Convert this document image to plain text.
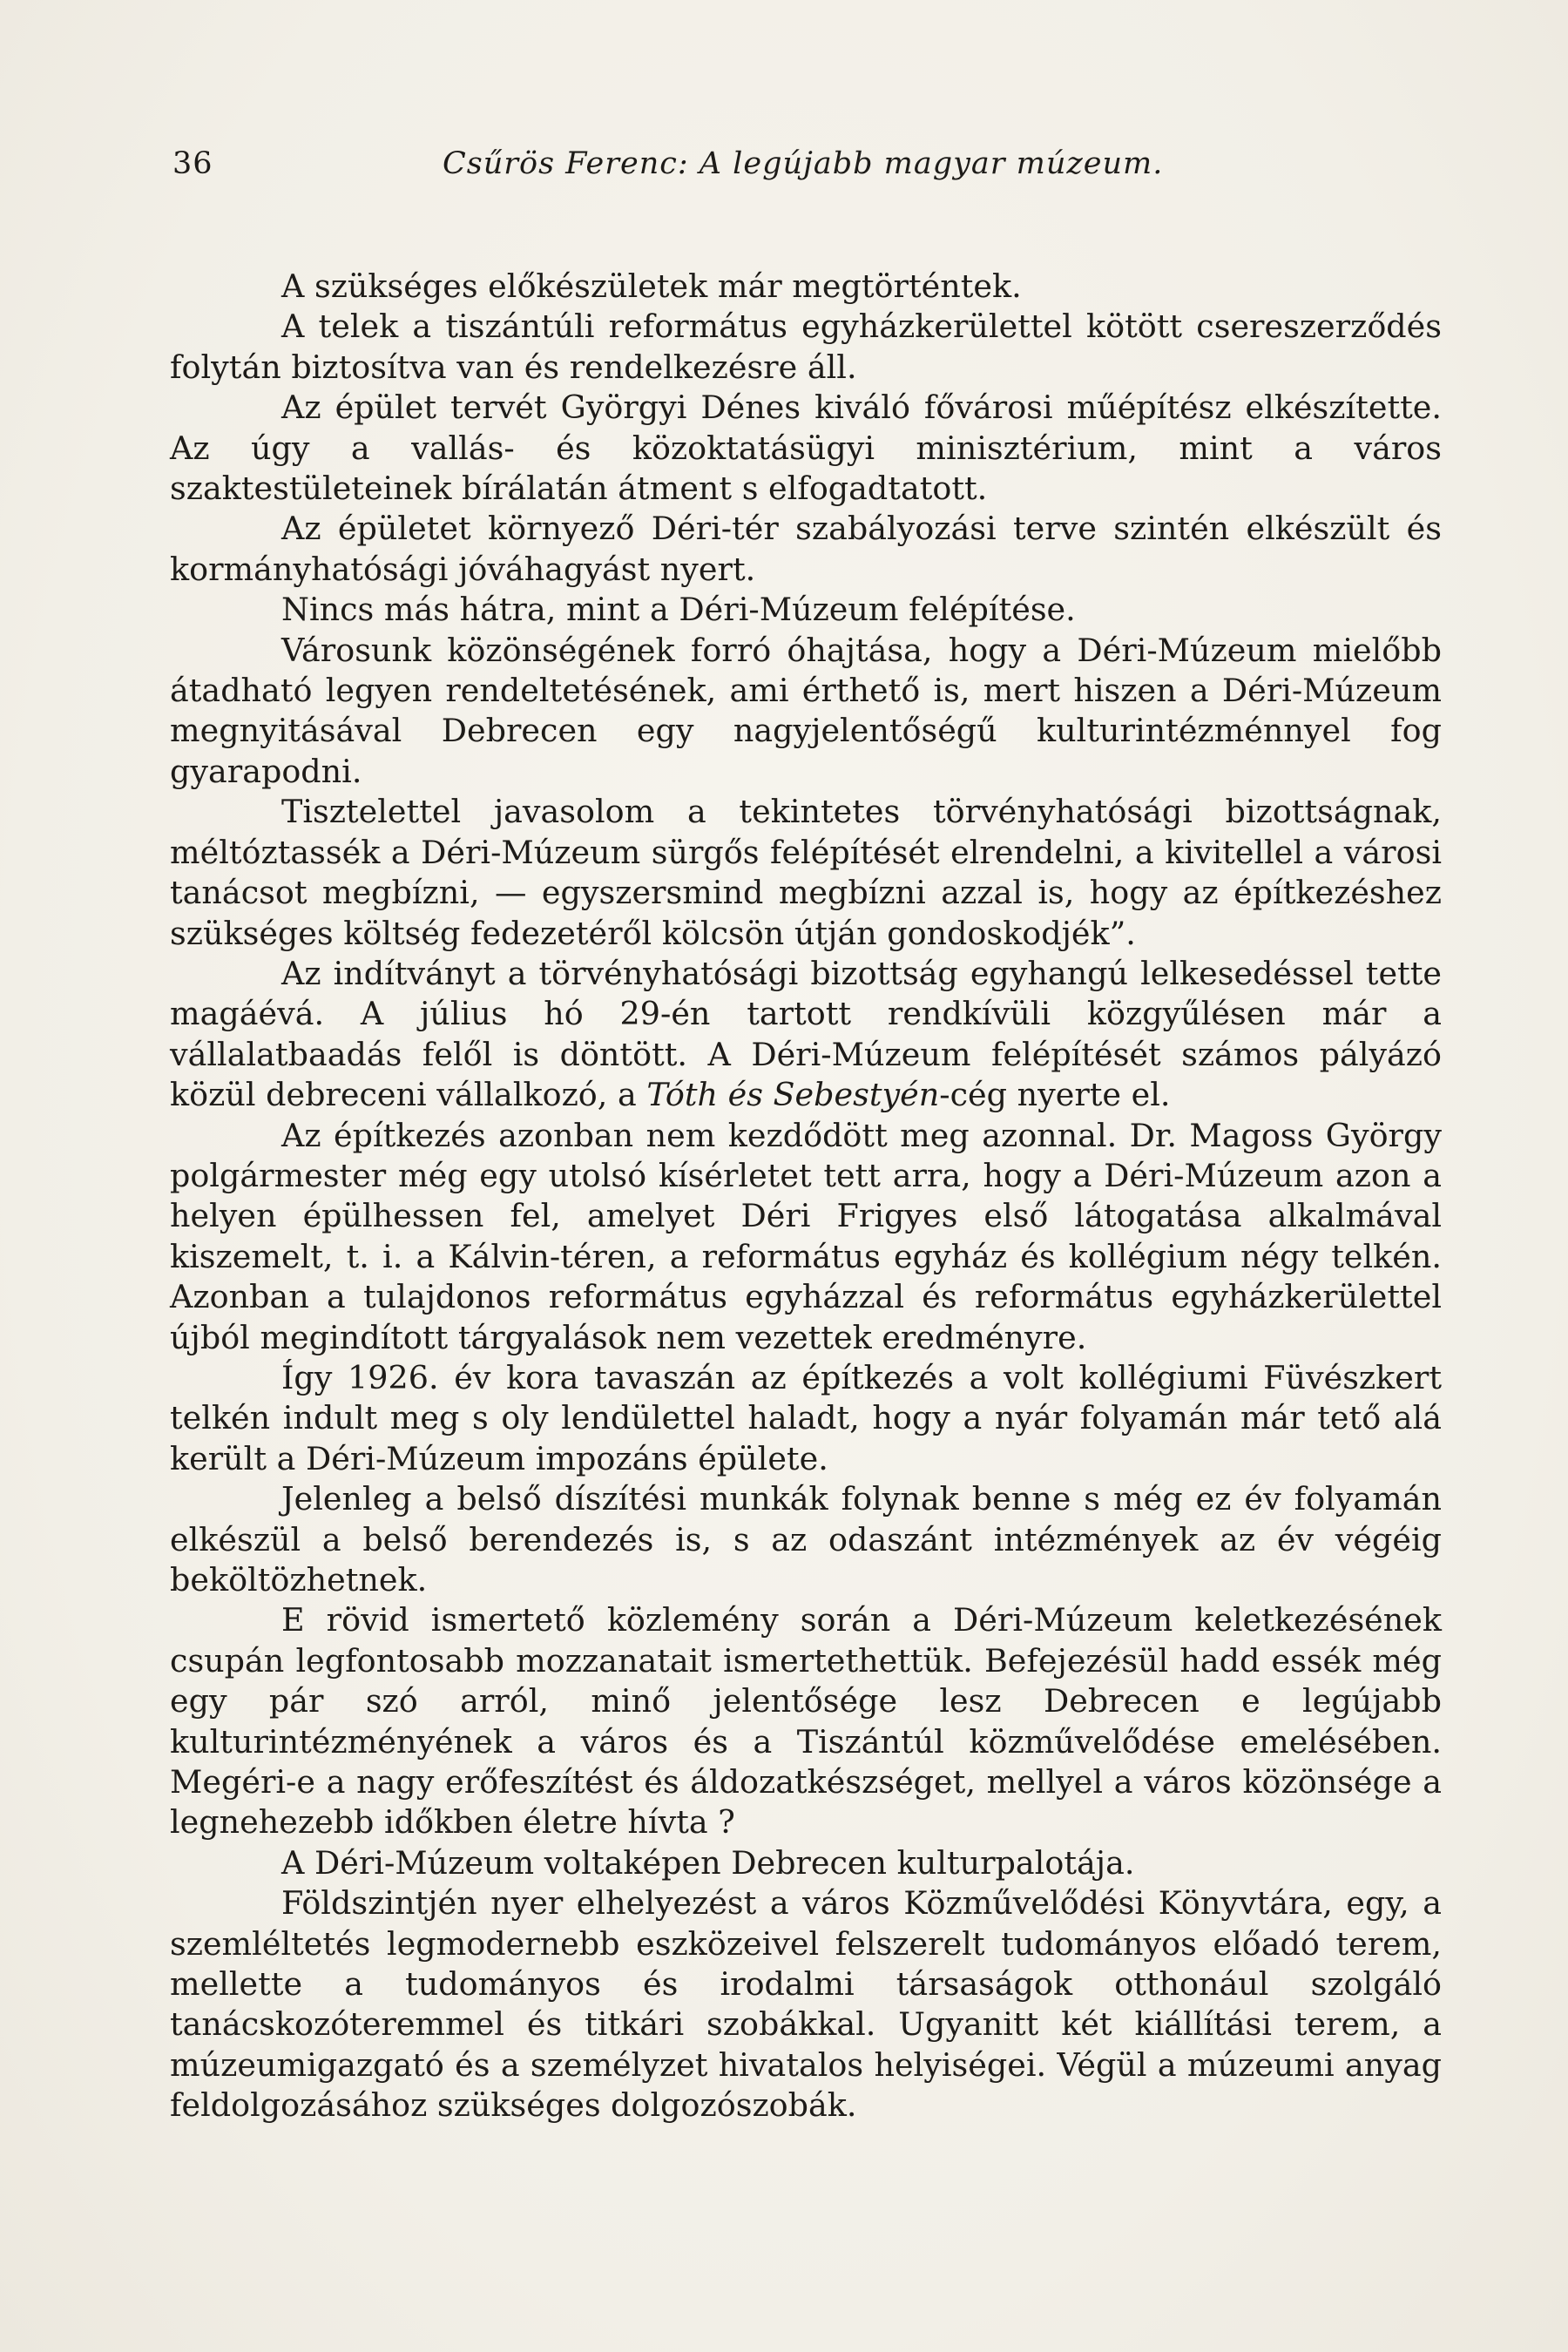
36	Csűrös Ferenc: A legújabb magyar múzeum.

A szükséges előkészületek már megtörténtek.

A telek a tiszántúli református egyházkerülettel kötött csereszerződés folytán biztosítva van és rendelkezésre áll.

Az épület tervét Györgyi Dénes kiváló fővárosi műépítész elkészítette. Az úgy a vallás- és közoktatásügyi minisztérium, mint a város szaktestületeinek bírálatán átment s elfogadtatott.

Az épületet környező Déri-tér szabályozási terve szintén elkészült és kormányhatósági jóváhagyást nyert.

Nincs más hátra, mint a Déri-Múzeum felépítése.

Városunk közönségének forró óhajtása, hogy a Déri-Múzeum mielőbb átadható legyen rendeltetésének, ami érthető is, mert hiszen a Déri-Múzeum megnyitásával Debrecen egy nagyjelentőségű kulturintézménnyel fog gyarapodni.

Tisztelettel javasolom a tekintetes törvényhatósági bizottságnak, méltóztassék a Déri-Múzeum sürgős felépítését elrendelni, a kivitellel a városi tanácsot megbízni, — egyszersmind megbízni azzal is, hogy az építkezéshez szükséges költség fedezetéről kölcsön útján gondoskodjék”.

Az indítványt a törvényhatósági bizottság egyhangú lelkesedéssel tette magáévá. A július hó 29-én tartott rendkívüli közgyűlésen már a vállalatbaadás felől is döntött. A Déri-Múzeum felépítését számos pályázó közül debreceni vállalkozó, a Tóth és Sebestyén-cég nyerte el.

Az építkezés azonban nem kezdődött meg azonnal. Dr. Magoss György polgármester még egy utolsó kísérletet tett arra, hogy a Déri-Múzeum azon a helyen épülhessen fel, amelyet Déri Frigyes első látogatása alkalmával kiszemelt, t. i. a Kálvin-téren, a református egyház és kollégium négy telkén. Azonban a tulajdonos református egyházzal és református egyházkerülettel újból megindított tárgyalások nem vezettek eredményre.

Így 1926. év kora tavaszán az építkezés a volt kollégiumi Füvészkert telkén indult meg s oly lendülettel haladt, hogy a nyár folyamán már tető alá került a Déri-Múzeum impozáns épülete.

Jelenleg a belső díszítési munkák folynak benne s még ez év folyamán elkészül a belső berendezés is, s az odaszánt intézmények az év végéig beköltözhetnek.

E rövid ismertető közlemény során a Déri-Múzeum keletkezésének csupán legfontosabb mozzanatait ismertethettük. Befejezésül hadd essék még egy pár szó arról, minő jelentősége lesz Debrecen e legújabb kulturintézményének a város és a Tiszántúl közművelődése emelésében. Megéri-e a nagy erőfeszítést és áldozatkészséget, mellyel a város közönsége a legnehezebb időkben életre hívta ?

A Déri-Múzeum voltaképen Debrecen kulturpalotája.

Földszintjén nyer elhelyezést a város Közművelődési Könyvtára, egy, a szemléltetés legmodernebb eszközeivel felszerelt tudományos előadó terem, mellette a tudományos és irodalmi társaságok otthonául szolgáló tanácskozóteremmel és titkári szobákkal. Ugyanitt két kiállítási terem, a múzeumigazgató és a személyzet hivatalos helyiségei. Végül a múzeumi anyag feldolgozásához szükséges dolgozószobák.
